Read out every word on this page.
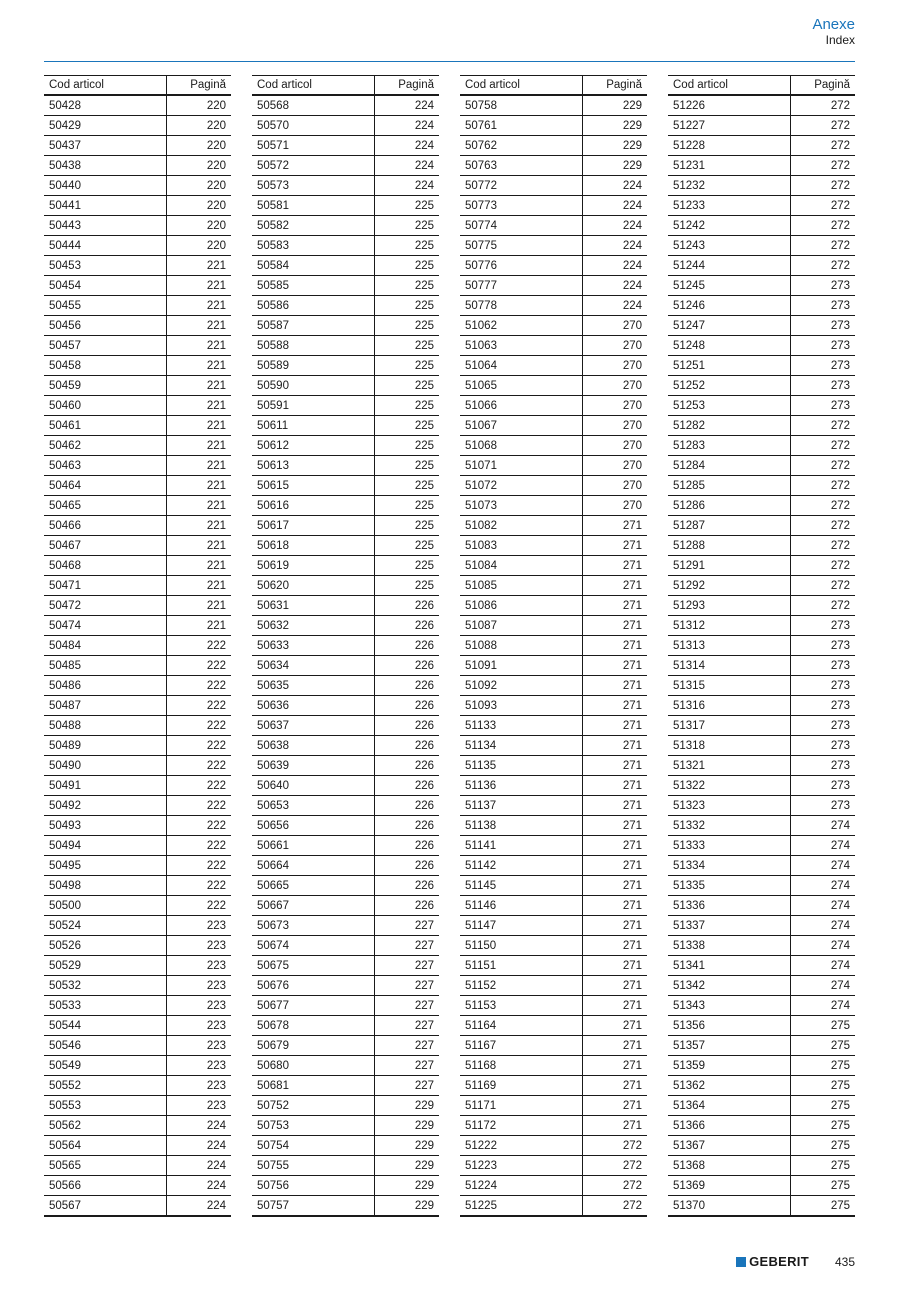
Anexe
Index
Cod articol	Pagină
50428	220
50429	220
50437	220
50438	220
50440	220
50441	220
50443	220
50444	220
50453	221
50454	221
50455	221
50456	221
50457	221
50458	221
50459	221
50460	221
50461	221
50462	221
50463	221
50464	221
50465	221
50466	221
50467	221
50468	221
50471	221
50472	221
50474	221
50484	222
50485	222
50486	222
50487	222
50488	222
50489	222
50490	222
50491	222
50492	222
50493	222
50494	222
50495	222
50498	222
50500	222
50524	223
50526	223
50529	223
50532	223
50533	223
50544	223
50546	223
50549	223
50552	223
50553	223
50562	224
50564	224
50565	224
50566	224
50567	224
Cod articol	Pagină
50568	224
50570	224
50571	224
50572	224
50573	224
50581	225
50582	225
50583	225
50584	225
50585	225
50586	225
50587	225
50588	225
50589	225
50590	225
50591	225
50611	225
50612	225
50613	225
50615	225
50616	225
50617	225
50618	225
50619	225
50620	225
50631	226
50632	226
50633	226
50634	226
50635	226
50636	226
50637	226
50638	226
50639	226
50640	226
50653	226
50656	226
50661	226
50664	226
50665	226
50667	226
50673	227
50674	227
50675	227
50676	227
50677	227
50678	227
50679	227
50680	227
50681	227
50752	229
50753	229
50754	229
50755	229
50756	229
50757	229
Cod articol	Pagină
50758	229
50761	229
50762	229
50763	229
50772	224
50773	224
50774	224
50775	224
50776	224
50777	224
50778	224
51062	270
51063	270
51064	270
51065	270
51066	270
51067	270
51068	270
51071	270
51072	270
51073	270
51082	271
51083	271
51084	271
51085	271
51086	271
51087	271
51088	271
51091	271
51092	271
51093	271
51133	271
51134	271
51135	271
51136	271
51137	271
51138	271
51141	271
51142	271
51145	271
51146	271
51147	271
51150	271
51151	271
51152	271
51153	271
51164	271
51167	271
51168	271
51169	271
51171	271
51172	271
51222	272
51223	272
51224	272
51225	272
Cod articol	Pagină
51226	272
51227	272
51228	272
51231	272
51232	272
51233	272
51242	272
51243	272
51244	272
51245	273
51246	273
51247	273
51248	273
51251	273
51252	273
51253	273
51282	272
51283	272
51284	272
51285	272
51286	272
51287	272
51288	272
51291	272
51292	272
51293	272
51312	273
51313	273
51314	273
51315	273
51316	273
51317	273
51318	273
51321	273
51322	273
51323	273
51332	274
51333	274
51334	274
51335	274
51336	274
51337	274
51338	274
51341	274
51342	274
51343	274
51356	275
51357	275
51359	275
51362	275
51364	275
51366	275
51367	275
51368	275
51369	275
51370	275
GEBERIT 435
